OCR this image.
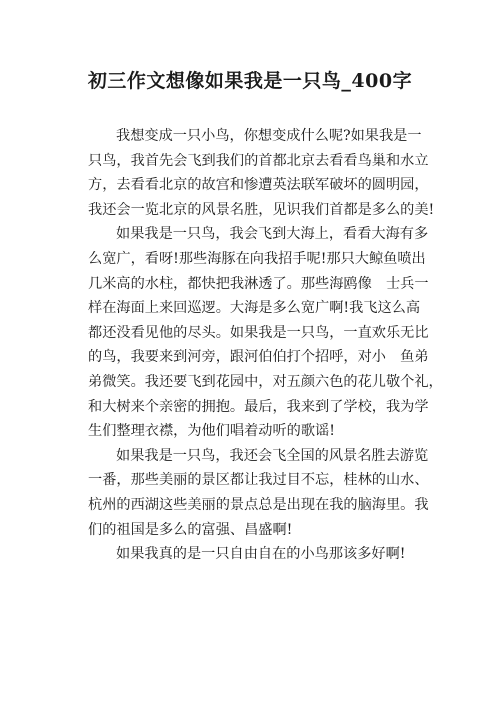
初三作文想像如果我是一只鸟_400字

我想变成一只小鸟，你想变成什么呢?如果我是一
只鸟，我首先会飞到我们的首都北京去看看鸟巢和水立
方，去看看北京的故宫和惨遭英法联军破坏的圆明园，
我还会一览北京的风景名胜，见识我们首都是多么的美!

如果我是一只鸟，我会飞到大海上，看看大海有多
么宽广，看呀!那些海豚在向我招手呢!那只大鲸鱼喷出
几米高的水柱，都快把我淋透了。那些海鸥像　士兵一
样在海面上来回巡逻。大海是多么宽广啊!我飞这么高
都还没看见他的尽头。如果我是一只鸟，一直欢乐无比
的鸟，我要来到河旁，跟河伯伯打个招呼，对小　鱼弟
弟微笑。我还要飞到花园中，对五颜六色的花儿敬个礼，
和大树来个亲密的拥抱。最后，我来到了学校，我为学
生们整理衣襟，为他们唱着动听的歌谣!

如果我是一只鸟，我还会飞全国的风景名胜去游览
一番，那些美丽的景区都让我过目不忘，桂林的山水、
杭州的西湖这些美丽的景点总是出现在我的脑海里。我
们的祖国是多么的富强、昌盛啊!

如果我真的是一只自由自在的小鸟那该多好啊!
